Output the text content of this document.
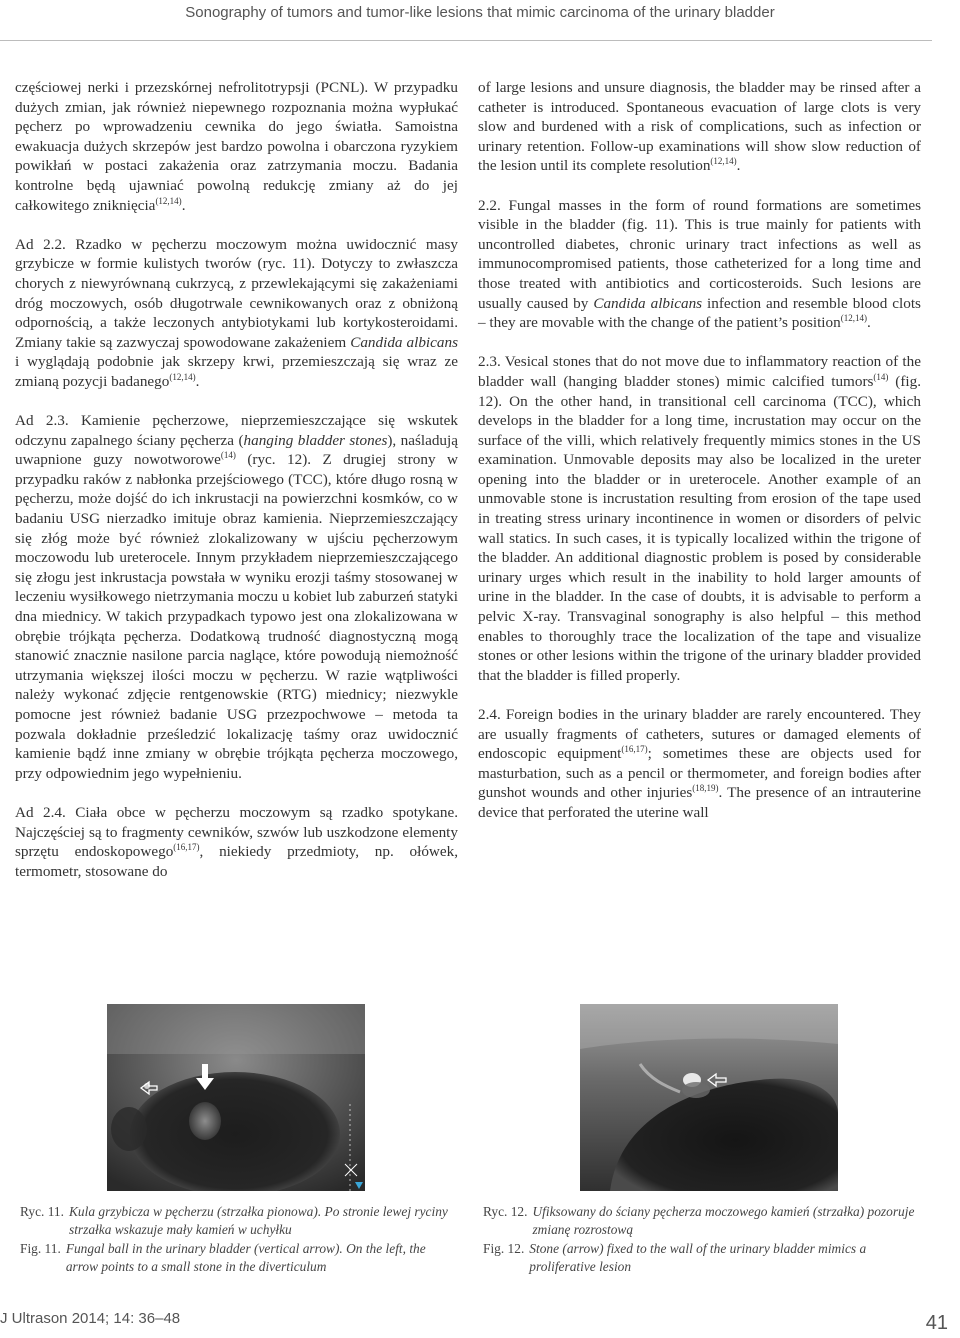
Sonography of tumors and tumor-like lesions that mimic carcinoma of the urinary bladder

częściowej nerki i przezskórnej nefrolitotrypsji (PCNL). W przypadku dużych zmian, jak również niepewnego rozpoznania można wypłukać pęcherz po wprowadzeniu cewnika do jego światła. Samoistna ewakuacja dużych skrzepów jest bardzo powolna i obarczona ryzykiem powikłań w postaci zakażenia oraz zatrzymania moczu. Badania kontrolne będą ujawniać powolną redukcję zmiany aż do jej całkowitego zniknięcia$^{(12,14)}$.

Ad 2.2. Rzadko w pęcherzu moczowym można uwidocznić masy grzybicze w formie kulistych tworów (ryc. 11). Dotyczy to zwłaszcza chorych z niewyrównaną cukrzycą, z przewlekającymi się zakażeniami dróg moczowych, osób długotrwale cewnikowanych oraz z obniżoną odpornością, a także leczonych antybiotykami lub kortykosteroidami. Zmiany takie są zazwyczaj spowodowane zakażeniem Candida albicans i wyglądają podobnie jak skrzepy krwi, przemieszczają się wraz ze zmianą pozycji badanego$^{(12,14)}$.

Ad 2.3. Kamienie pęcherzowe, nieprzemieszczające się wskutek odczynu zapalnego ściany pęcherza (hanging bladder stones), naśladują uwapnione guzy nowotworowe$^{(14)}$ (ryc. 12). Z drugiej strony w przypadku raków z nabłonka przejściowego (TCC), które długo rosną w pęcherzu, może dojść do ich inkrustacji na powierzchni kosmków, co w badaniu USG nierzadko imituje obraz kamienia. Nieprzemieszczający się złóg może być również zlokalizowany w ujściu pęcherzowym moczowodu lub ureterocele. Innym przykładem nieprzemieszczającego się złogu jest inkrustacja powstała w wyniku erozji taśmy stosowanej w leczeniu wysiłkowego nietrzymania moczu u kobiet lub zaburzeń statyki dna miednicy. W takich przypadkach typowo jest ona zlokalizowana w obrębie trójkąta pęcherza. Dodatkową trudność diagnostyczną mogą stanowić znacznie nasilone parcia naglące, które powodują niemożność utrzymania większej ilości moczu w pęcherzu. W razie wątpliwości należy wykonać zdjęcie rentgenowskie (RTG) miednicy; niezwykle pomocne jest również badanie USG przezpochwowe – metoda ta pozwala dokładnie prześledzić lokalizację taśmy oraz uwidocznić kamienie bądź inne zmiany w obrębie trójkąta pęcherza moczowego, przy odpowiednim jego wypełnieniu.

Ad 2.4. Ciała obce w pęcherzu moczowym są rzadko spotykane. Najczęściej są to fragmenty cewników, szwów lub uszkodzone elementy sprzętu endoskopowego$^{(16,17)}$, niekiedy przedmioty, np. ołówek, termometr, stosowane do

of large lesions and unsure diagnosis, the bladder may be rinsed after a catheter is introduced. Spontaneous evacuation of large clots is very slow and burdened with a risk of complications, such as infection or urinary retention. Follow-up examinations will show slow reduction of the lesion until its complete resolution$^{(12,14)}$.

2.2. Fungal masses in the form of round formations are sometimes visible in the bladder (fig. 11). This is true mainly for patients with uncontrolled diabetes, chronic urinary tract infections as well as immunocompromised patients, those catheterized for a long time and those treated with antibiotics and corticosteroids. Such lesions are usually caused by Candida albicans infection and resemble blood clots – they are movable with the change of the patient’s position$^{(12,14)}$.

2.3. Vesical stones that do not move due to inflammatory reaction of the bladder wall (hanging bladder stones) mimic calcified tumors$^{(14)}$ (fig. 12). On the other hand, in transitional cell carcinoma (TCC), which develops in the bladder for a long time, incrustation may occur on the surface of the villi, which relatively frequently mimics stones in the US examination. Unmovable deposits may also be localized in the ureter opening into the bladder or in ureterocele. Another example of an unmovable stone is incrustation resulting from erosion of the tape used in treating stress urinary incontinence in women or disorders of pelvic wall statics. In such cases, it is typically localized within the trigone of the bladder. An additional diagnostic problem is posed by considerable urinary urges which result in the inability to hold larger amounts of urine in the bladder. In the case of doubts, it is advisable to perform a pelvic X-ray. Transvaginal sonography is also helpful – this method enables to thoroughly trace the localization of the tape and visualize stones or other lesions within the trigone of the urinary bladder provided that the bladder is filled properly.

2.4. Foreign bodies in the urinary bladder are rarely encountered. They are usually fragments of catheters, sutures or damaged elements of endoscopic equipment$^{(16,17)}$; sometimes these are objects used for masturbation, such as a pencil or thermometer, and foreign bodies after gunshot wounds and other injuries$^{(18,19)}$. The presence of an intrauterine device that perforated the uterine wall

Ryc. 11. Kula grzybicza w pęcherzu (strzałka pionowa). Po stronie lewej ryciny strzałka wskazuje mały kamień w uchyłku
Fig. 11. Fungal ball in the urinary bladder (vertical arrow). On the left, the arrow points to a small stone in the diverticulum
Ryc. 12. Ufiksowany do ściany pęcherza moczowego kamień (strzałka) pozoruje zmianę rozrostową
Fig. 12. Stone (arrow) fixed to the wall of the urinary bladder mimics a proliferative lesion
J Ultrason 2014; 14: 36–48	41
